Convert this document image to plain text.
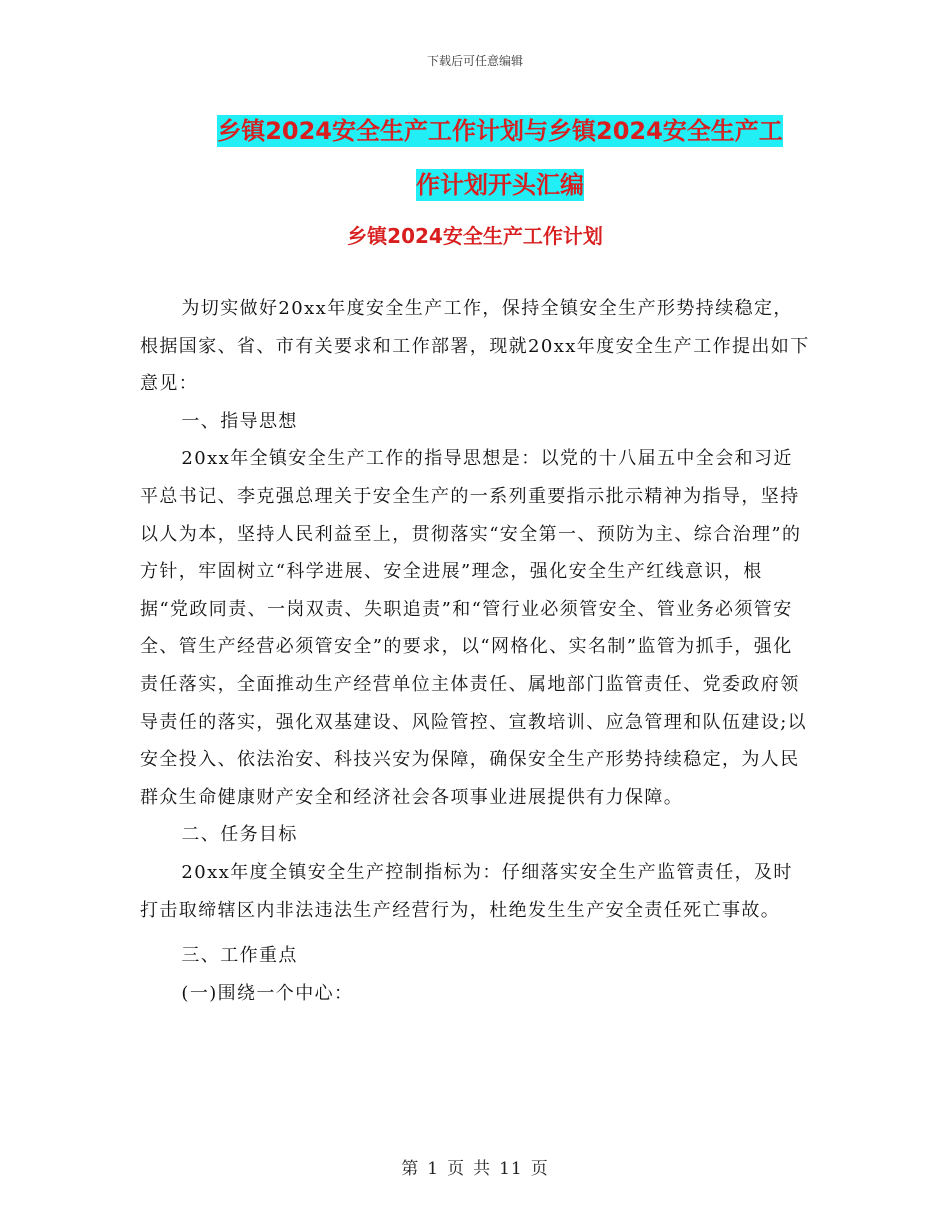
下载后可任意编辑
乡镇2024安全生产工作计划与乡镇2024安全生产工
作计划开头汇编
乡镇2024安全生产工作计划

为切实做好20xx年度安全生产工作，保持全镇安全生产形势持续稳定，根据国家、省、市有关要求和工作部署，现就20xx年度安全生产工作提出如下意见：

一、指导思想

20xx年全镇安全生产工作的指导思想是：以党的十八届五中全会和习近平总书记、李克强总理关于安全生产的一系列重要指示批示精神为指导，坚持以人为本，坚持人民利益至上，贯彻落实“安全第一、预防为主、综合治理”的方针，牢固树立“科学进展、安全进展”理念，强化安全生产红线意识，根据“党政同责、一岗双责、失职追责”和“管行业必须管安全、管业务必须管安全、管生产经营必须管安全”的要求，以“网格化、实名制”监管为抓手，强化责任落实，全面推动生产经营单位主体责任、属地部门监管责任、党委政府领导责任的落实，强化双基建设、风险管控、宣教培训、应急管理和队伍建设;以安全投入、依法治安、科技兴安为保障，确保安全生产形势持续稳定，为人民群众生命健康财产安全和经济社会各项事业进展提供有力保障。

二、任务目标

20xx年度全镇安全生产控制指标为：仔细落实安全生产监管责任，及时打击取缔辖区内非法违法生产经营行为，杜绝发生生产安全责任死亡事故。

三、工作重点

(一)围绕一个中心：

第 1 页 共 11 页
